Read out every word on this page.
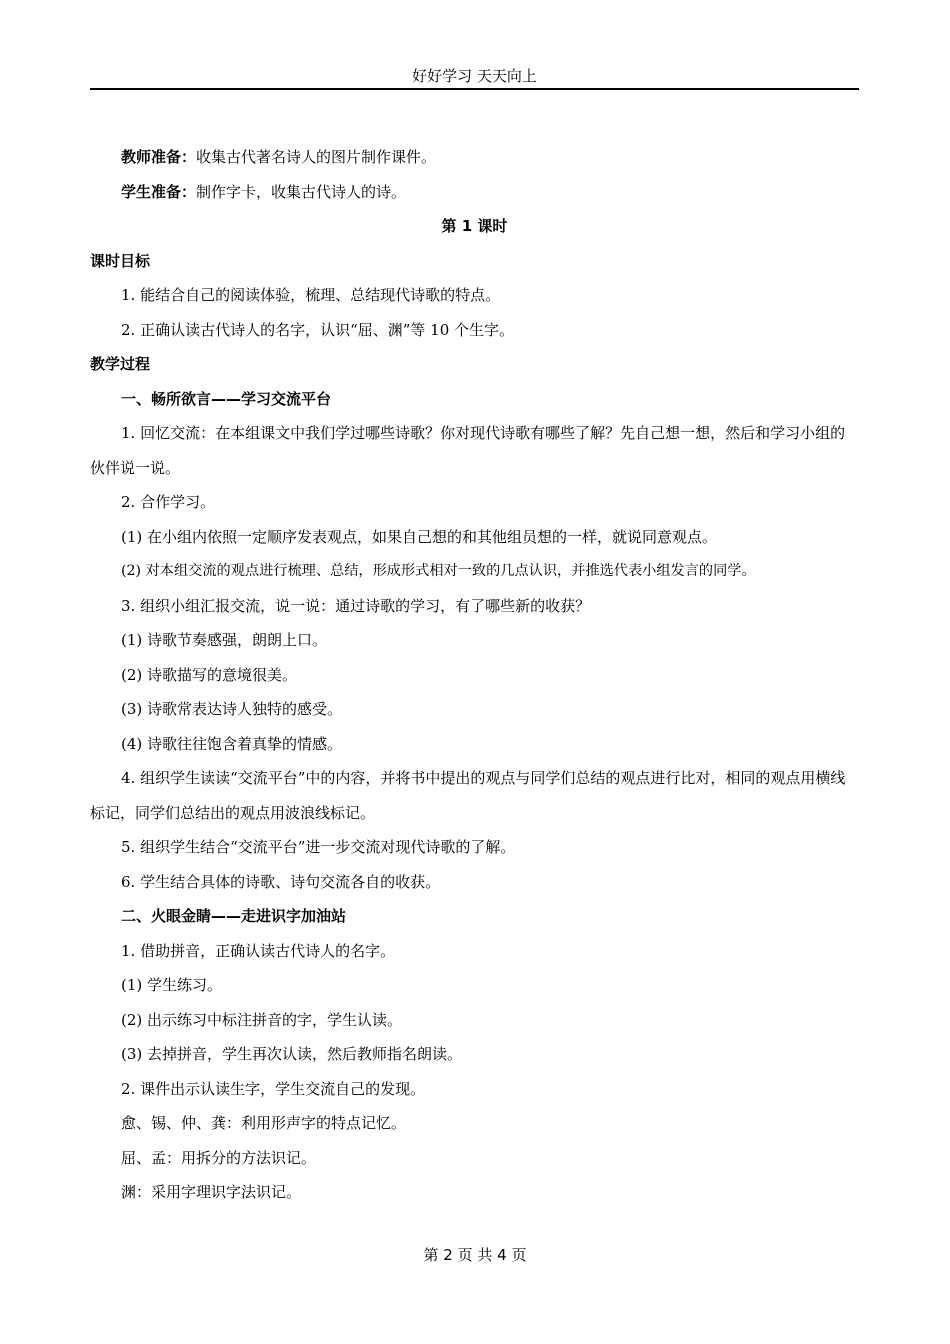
好好学习 天天向上
教师准备：收集古代著名诗人的图片制作课件。
学生准备：制作字卡，收集古代诗人的诗。
第 1 课时
课时目标
1. 能结合自己的阅读体验，梳理、总结现代诗歌的特点。
2. 正确认读古代诗人的名字，认识“屈、渊”等 10 个生字。
教学过程
一、畅所欲言——学习交流平台
1. 回忆交流：在本组课文中我们学过哪些诗歌？你对现代诗歌有哪些了解？先自己想一想，然后和学习小组的伙伴说一说。
2. 合作学习。
(1) 在小组内依照一定顺序发表观点，如果自己想的和其他组员想的一样，就说同意观点。
(2) 对本组交流的观点进行梳理、总结，形成形式相对一致的几点认识，并推选代表小组发言的同学。
3. 组织小组汇报交流，说一说：通过诗歌的学习，有了哪些新的收获？
(1) 诗歌节奏感强，朗朗上口。
(2) 诗歌描写的意境很美。
(3) 诗歌常表达诗人独特的感受。
(4) 诗歌往往饱含着真挚的情感。
4. 组织学生读读“交流平台”中的内容，并将书中提出的观点与同学们总结的观点进行比对，相同的观点用横线标记，同学们总结出的观点用波浪线标记。
5. 组织学生结合“交流平台”进一步交流对现代诗歌的了解。
6. 学生结合具体的诗歌、诗句交流各自的收获。
二、火眼金睛——走进识字加油站
1. 借助拼音，正确认读古代诗人的名字。
(1) 学生练习。
(2) 出示练习中标注拼音的字，学生认读。
(3) 去掉拼音，学生再次认读，然后教师指名朗读。
2. 课件出示认读生字，学生交流自己的发现。
愈、锡、仲、龚：利用形声字的特点记忆。
屈、孟：用拆分的方法识记。
渊：采用字理识字法识记。
第 2 页 共 4 页
